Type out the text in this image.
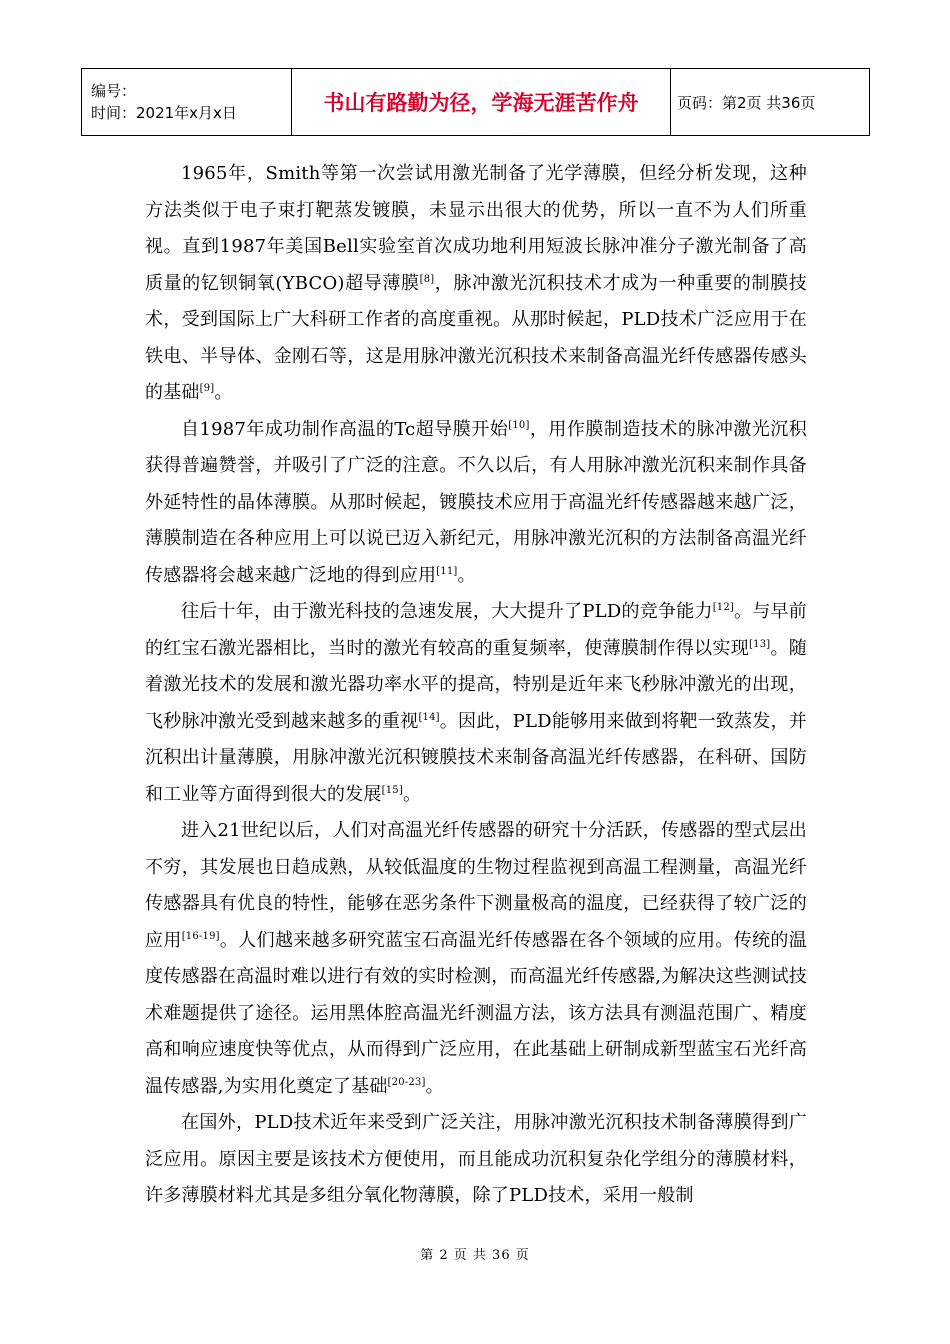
编号：
时间：2021年x月x日	书山有路勤为径，学海无涯苦作舟	页码：第2页 共36页

1965年，Smith等第一次尝试用激光制备了光学薄膜，但经分析发现，这种方法类似于电子束打靶蒸发镀膜，未显示出很大的优势，所以一直不为人们所重视。直到1987年美国Bell实验室首次成功地利用短波长脉冲准分子激光制备了高质量的钇钡铜氧(YBCO)超导薄膜[8]，脉冲激光沉积技术才成为一种重要的制膜技术，受到国际上广大科研工作者的高度重视。从那时候起，PLD技术广泛应用于在铁电、半导体、金刚石等，这是用脉冲激光沉积技术来制备高温光纤传感器传感头的基础[9]。

自1987年成功制作高温的Tc超导膜开始[10]，用作膜制造技术的脉冲激光沉积获得普遍赞誉，并吸引了广泛的注意。不久以后，有人用脉冲激光沉积来制作具备外延特性的晶体薄膜。从那时候起，镀膜技术应用于高温光纤传感器越来越广泛，薄膜制造在各种应用上可以说已迈入新纪元，用脉冲激光沉积的方法制备高温光纤传感器将会越来越广泛地的得到应用[11]。

往后十年，由于激光科技的急速发展，大大提升了PLD的竞争能力[12]。与早前的红宝石激光器相比，当时的激光有较高的重复频率，使薄膜制作得以实现[13]。随着激光技术的发展和激光器功率水平的提高，特别是近年来飞秒脉冲激光的出现，飞秒脉冲激光受到越来越多的重视[14]。因此，PLD能够用来做到将靶一致蒸发，并沉积出计量薄膜，用脉冲激光沉积镀膜技术来制备高温光纤传感器，在科研、国防和工业等方面得到很大的发展[15]。

进入21世纪以后，人们对高温光纤传感器的研究十分活跃，传感器的型式层出不穷，其发展也日趋成熟，从较低温度的生物过程监视到高温工程测量，高温光纤传感器具有优良的特性，能够在恶劣条件下测量极高的温度，已经获得了较广泛的应用[16-19]。人们越来越多研究蓝宝石高温光纤传感器在各个领域的应用。传统的温度传感器在高温时难以进行有效的实时检测，而高温光纤传感器,为解决这些测试技术难题提供了途径。运用黑体腔高温光纤测温方法，该方法具有测温范围广、精度高和响应速度快等优点，从而得到广泛应用，在此基础上研制成新型蓝宝石光纤高温传感器,为实用化奠定了基础[20-23]。

在国外，PLD技术近年来受到广泛关注，用脉冲激光沉积技术制备薄膜得到广泛应用。原因主要是该技术方便使用，而且能成功沉积复杂化学组分的薄膜材料，许多薄膜材料尤其是多组分氧化物薄膜，除了PLD技术，采用一般制

第 2 页 共 36 页
